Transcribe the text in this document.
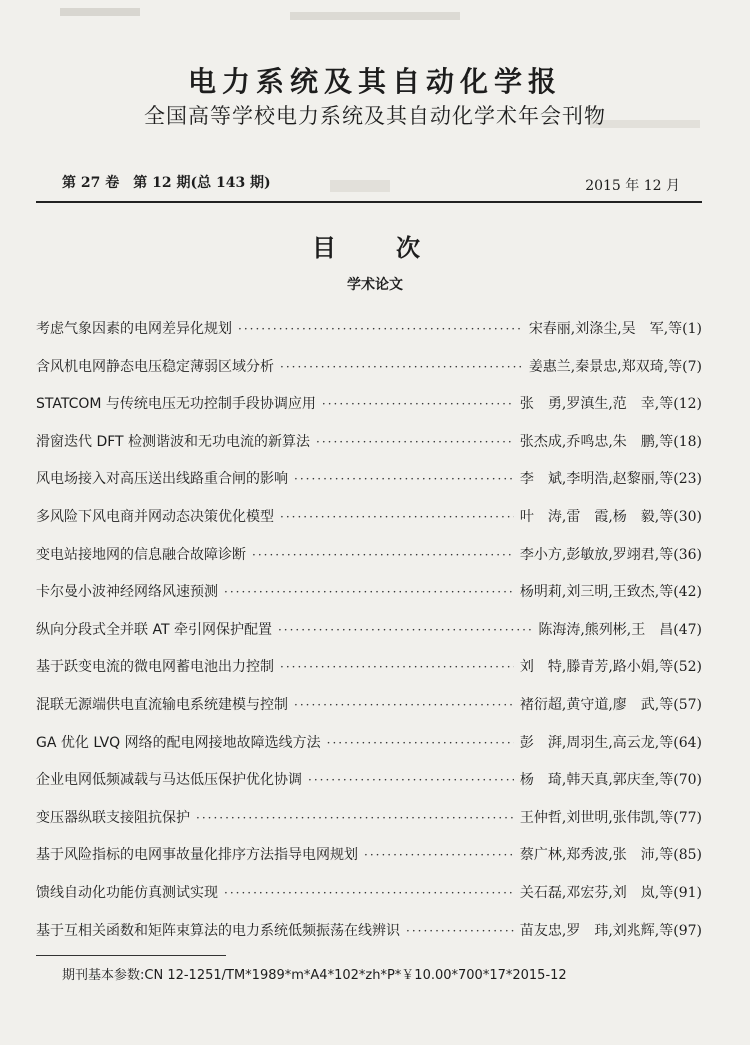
电力系统及其自动化学报
全国高等学校电力系统及其自动化学术年会刊物
第 27 卷　第 12 期(总 143 期)	2015 年 12 月
目　次
学术论文
考虑气象因素的电网差异化规划 ·····	宋春丽,刘涤尘,吴　军,等(1)
含风机电网静态电压稳定薄弱区域分析 ·····	姜惠兰,秦景忠,郑双琦,等(7)
STATCOM 与传统电压无功控制手段协调应用 ·····	张　勇,罗滇生,范　幸,等(12)
滑窗迭代 DFT 检测谐波和无功电流的新算法 ·····	张杰成,乔鸣忠,朱　鹏,等(18)
风电场接入对高压送出线路重合闸的影响 ·····	李　斌,李明浩,赵黎丽,等(23)
多风险下风电商并网动态决策优化模型 ·····	叶　涛,雷　霞,杨　毅,等(30)
变电站接地网的信息融合故障诊断 ·····	李小方,彭敏放,罗翊君,等(36)
卡尔曼小波神经网络风速预测 ·····	杨明莉,刘三明,王致杰,等(42)
纵向分段式全并联 AT 牵引网保护配置 ·····	陈海涛,熊列彬,王　昌(47)
基于跃变电流的微电网蓄电池出力控制 ·····	刘　特,滕青芳,路小娟,等(52)
混联无源端供电直流输电系统建模与控制 ·····	褚衍超,黄守道,廖　武,等(57)
GA 优化 LVQ 网络的配电网接地故障选线方法 ·····	彭　湃,周羽生,高云龙,等(64)
企业电网低频减载与马达低压保护优化协调 ·····	杨　琦,韩天真,郭庆奎,等(70)
变压器纵联支接阻抗保护 ·····	王仲哲,刘世明,张伟凯,等(77)
基于风险指标的电网事故量化排序方法指导电网规划 ·····	蔡广林,郑秀波,张　沛,等(85)
馈线自动化功能仿真测试实现 ·····	关石磊,邓宏芬,刘　岚,等(91)
基于互相关函数和矩阵束算法的电力系统低频振荡在线辨识 ·····	苗友忠,罗　玮,刘兆辉,等(97)
期刊基本参数:CN 12-1251/TM*1989*m*A4*102*zh*P*￥10.00*700*17*2015-12
